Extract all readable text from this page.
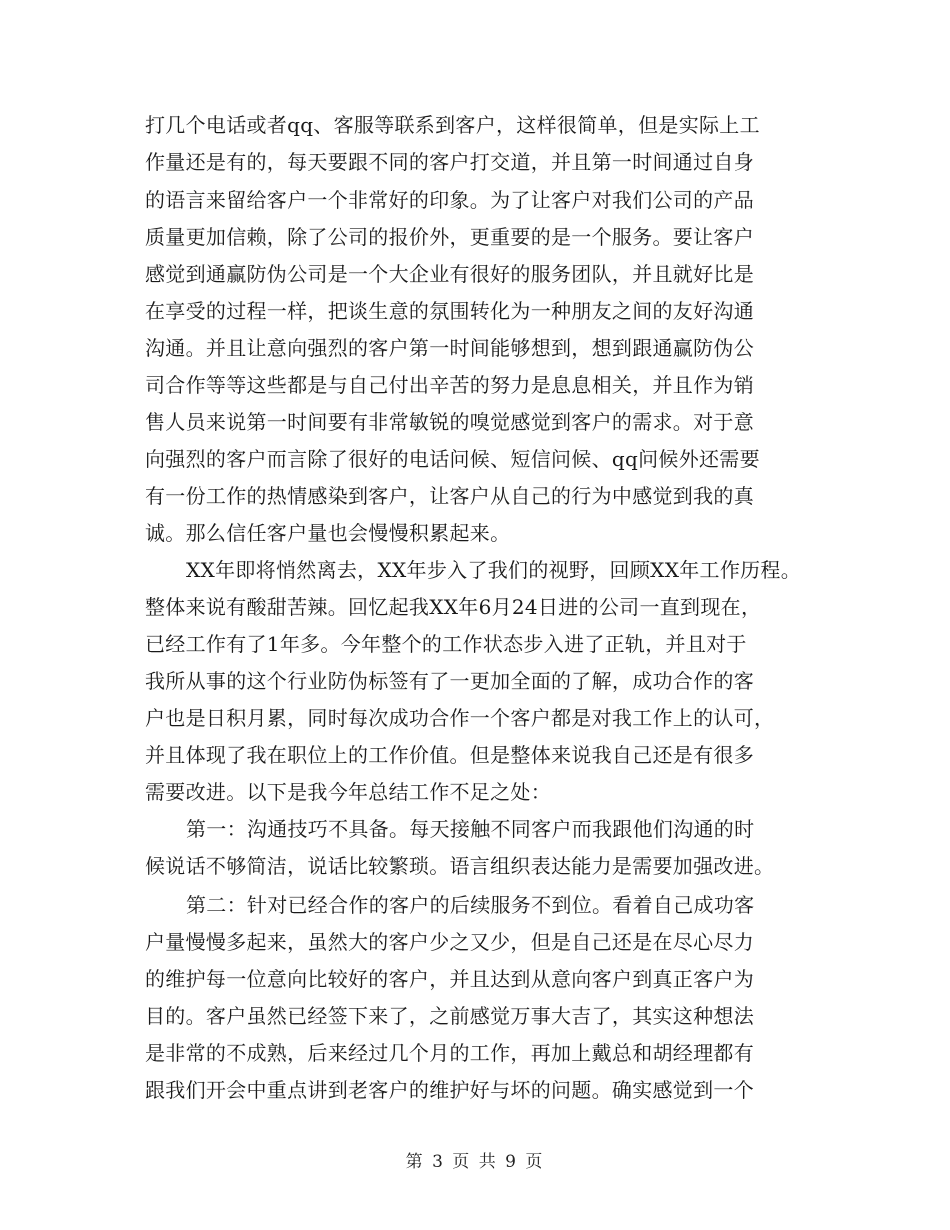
打几个电话或者qq、客服等联系到客户，这样很简单，但是实际上工
作量还是有的，每天要跟不同的客户打交道，并且第一时间通过自身
的语言来留给客户一个非常好的印象。为了让客户对我们公司的产品
质量更加信赖，除了公司的报价外，更重要的是一个服务。要让客户
感觉到通赢防伪公司是一个大企业有很好的服务团队，并且就好比是
在享受的过程一样，把谈生意的氛围转化为一种朋友之间的友好沟通
沟通。并且让意向强烈的客户第一时间能够想到，想到跟通赢防伪公
司合作等等这些都是与自己付出辛苦的努力是息息相关，并且作为销
售人员来说第一时间要有非常敏锐的嗅觉感觉到客户的需求。对于意
向强烈的客户而言除了很好的电话问候、短信问候、qq问候外还需要
有一份工作的热情感染到客户，让客户从自己的行为中感觉到我的真
诚。那么信任客户量也会慢慢积累起来。
XX年即将悄然离去，XX年步入了我们的视野，回顾XX年工作历程。
整体来说有酸甜苦辣。回忆起我XX年6月24日进的公司一直到现在，
已经工作有了1年多。今年整个的工作状态步入进了正轨，并且对于
我所从事的这个行业防伪标签有了一更加全面的了解，成功合作的客
户也是日积月累，同时每次成功合作一个客户都是对我工作上的认可，
并且体现了我在职位上的工作价值。但是整体来说我自己还是有很多
需要改进。以下是我今年总结工作不足之处：
第一：沟通技巧不具备。每天接触不同客户而我跟他们沟通的时
候说话不够简洁，说话比较繁琐。语言组织表达能力是需要加强改进。
第二：针对已经合作的客户的后续服务不到位。看着自己成功客
户量慢慢多起来，虽然大的客户少之又少，但是自己还是在尽心尽力
的维护每一位意向比较好的客户，并且达到从意向客户到真正客户为
目的。客户虽然已经签下来了，之前感觉万事大吉了，其实这种想法
是非常的不成熟，后来经过几个月的工作，再加上戴总和胡经理都有
跟我们开会中重点讲到老客户的维护好与坏的问题。确实感觉到一个
第 3 页 共 9 页
